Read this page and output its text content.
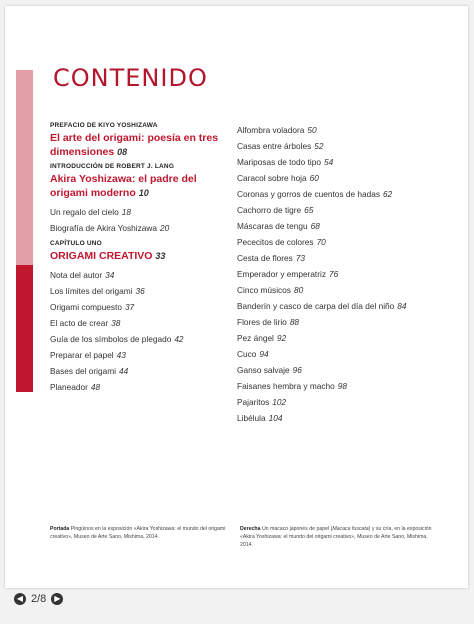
CONTENIDO
PREFACIO DE KIYO YOSHIZAWA
El arte del origami: poesía en tres dimensiones 08
INTRODUCCIÓN DE ROBERT J. LANG
Akira Yoshizawa: el padre del origami moderno 10
Un regalo del cielo 18
Biografía de Akira Yoshizawa 20
CAPÍTULO UNO
ORIGAMI CREATIVO 33
Nota del autor 34
Los límites del origami 36
Origami compuesto 37
El acto de crear 38
Guía de los símbolos de plegado 42
Preparar el papel 43
Bases del origami 44
Planeador 48
Alfombra voladora 50
Casas entre árboles 52
Mariposas de todo tipo 54
Caracol sobre hoja 60
Coronas y gorros de cuentos de hadas 62
Cachorro de tigre 65
Máscaras de tengu 68
Pececitos de colores 70
Cesta de flores 73
Emperador y emperatriz 76
Cinco músicos 80
Banderín y casco de carpa del día del niño 84
Flores de lirio 88
Pez ángel 92
Cuco 94
Ganso salvaje 96
Faisanes hembra y macho 98
Pajaritos 102
Libélula 104
Portada Pingüinos en la exposición «Akira Yoshizawa: el mundo del origami creativo», Museo de Arte Sano, Mishima, 2014.
Derecha Un macaco japonés de papel (Macaca fuscata) y su cría, en la exposición «Akira Yoshizawa: el mundo del origami creativo», Museo de Arte Sano, Mishima, 2014.
◀ 2/8 ▶
